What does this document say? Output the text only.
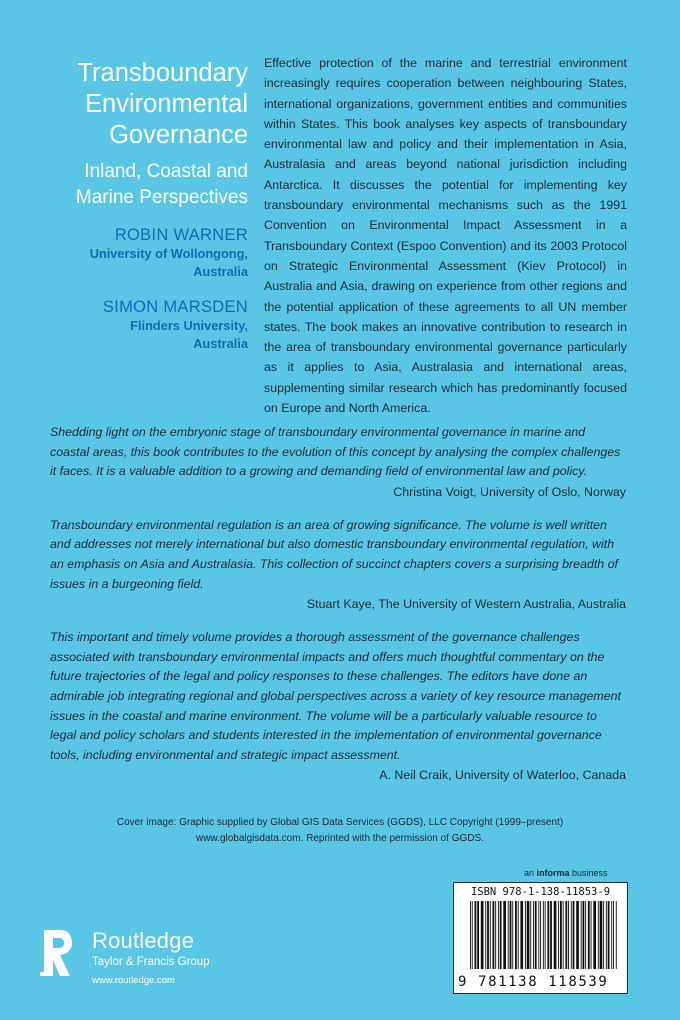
Transboundary
Environmental
Governance
Inland, Coastal and
Marine Perspectives
ROBIN WARNER
University of Wollongong,
Australia
SIMON MARSDEN
Flinders University,
Australia

Effective protection of the marine and terrestrial environment increasingly requires cooperation between neighbouring States, international organizations, government entities and communities within States. This book analyses key aspects of transboundary environmental law and policy and their implementation in Asia, Australasia and areas beyond national jurisdiction including Antarctica. It discusses the potential for implementing key transboundary environmental mechanisms such as the 1991 Convention on Environmental Impact Assessment in a Transboundary Context (Espoo Convention) and its 2003 Protocol on Strategic Environmental Assessment (Kiev Protocol) in Australia and Asia, drawing on experience from other regions and the potential application of these agreements to all UN member states. The book makes an innovative contribution to research in the area of transboundary environmental governance particularly as it applies to Asia, Australasia and international areas, supplementing similar research which has predominantly focused on Europe and North America.

Shedding light on the embryonic stage of transboundary environmental governance in marine and coastal areas, this book contributes to the evolution of this concept by analysing the complex challenges it faces. It is a valuable addition to a growing and demanding field of environmental law and policy.

Christina Voigt, University of Oslo, Norway

Transboundary environmental regulation is an area of growing significance. The volume is well written and addresses not merely international but also domestic transboundary environmental regulation, with an emphasis on Asia and Australasia. This collection of succinct chapters covers a surprising breadth of issues in a burgeoning field.

Stuart Kaye, The University of Western Australia, Australia

This important and timely volume provides a thorough assessment of the governance challenges associated with transboundary environmental impacts and offers much thoughtful commentary on the future trajectories of the legal and policy responses to these challenges. The editors have done an admirable job integrating regional and global perspectives across a variety of key resource management issues in the coastal and marine environment. The volume will be a particularly valuable resource to legal and policy scholars and students interested in the implementation of environmental governance tools, including environmental and strategic impact assessment.

A. Neil Craik, University of Waterloo, Canada

Cover image: Graphic supplied by Global GIS Data Services (GGDS), LLC Copyright (1999–present)
www.globalgisdata.com. Reprinted with the permission of GGDS.
an informa business
ISBN 978-1-138-11853-9
9 781138 118539
Routledge
Taylor & Francis Group
www.routledge.com
